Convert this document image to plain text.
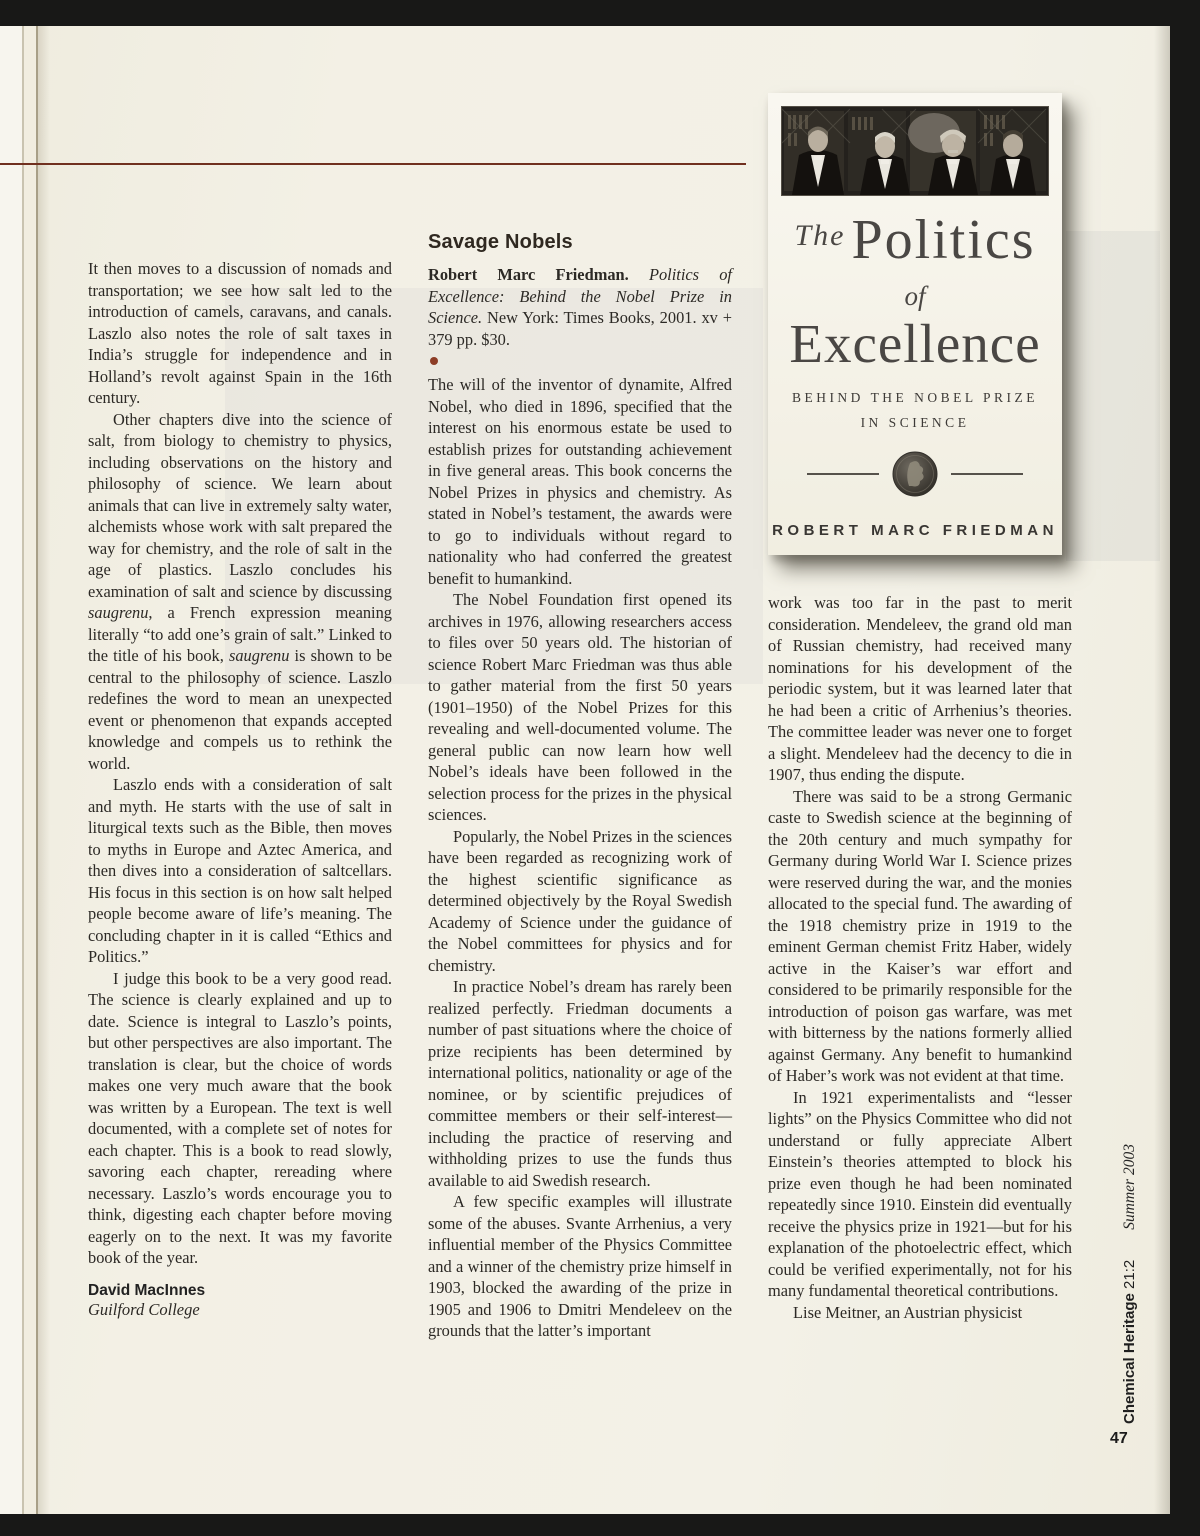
It then moves to a discussion of nomads and transportation; we see how salt led to the introduction of camels, caravans, and canals. Laszlo also notes the role of salt taxes in India’s struggle for independence and in Holland’s revolt against Spain in the 16th century.

Other chapters dive into the science of salt, from biology to chemistry to physics, including observations on the history and philosophy of science. We learn about animals that can live in extremely salty water, alchemists whose work with salt prepared the way for chemistry, and the role of salt in the age of plastics. Laszlo concludes his examination of salt and science by discussing saugrenu, a French expression meaning literally “to add one’s grain of salt.” Linked to the title of his book, saugrenu is shown to be central to the philosophy of science. Laszlo redefines the word to mean an unexpected event or phenomenon that expands accepted knowledge and compels us to rethink the world.

Laszlo ends with a consideration of salt and myth. He starts with the use of salt in liturgical texts such as the Bible, then moves to myths in Europe and Aztec America, and then dives into a consideration of saltcellars. His focus in this section is on how salt helped people become aware of life’s meaning. The concluding chapter in it is called “Ethics and Politics.”

I judge this book to be a very good read. The science is clearly explained and up to date. Science is integral to Laszlo’s points, but other perspectives are also important. The translation is clear, but the choice of words makes one very much aware that the book was written by a European. The text is well documented, with a complete set of notes for each chapter. This is a book to read slowly, savoring each chapter, rereading where necessary. Laszlo’s words encourage you to think, digesting each chapter before moving eagerly on to the next. It was my favorite book of the year.

David MacInnes
Guilford College
Savage Nobels

Robert Marc Friedman. Politics of Excellence: Behind the Nobel Prize in Science. New York: Times Books, 2001. xv + 379 pp. $30.

The will of the inventor of dynamite, Alfred Nobel, who died in 1896, specified that the interest on his enormous estate be used to establish prizes for outstanding achievement in five general areas. This book concerns the Nobel Prizes in physics and chemistry. As stated in Nobel’s testament, the awards were to go to individuals without regard to nationality who had conferred the greatest benefit to humankind.

The Nobel Foundation first opened its archives in 1976, allowing researchers access to files over 50 years old. The historian of science Robert Marc Friedman was thus able to gather material from the first 50 years (1901–1950) of the Nobel Prizes for this revealing and well-documented volume. The general public can now learn how well Nobel’s ideals have been followed in the selection process for the prizes in the physical sciences.

Popularly, the Nobel Prizes in the sciences have been regarded as recognizing work of the highest scientific significance as determined objectively by the Royal Swedish Academy of Science under the guidance of the Nobel committees for physics and for chemistry.

In practice Nobel’s dream has rarely been realized perfectly. Friedman documents a number of past situations where the choice of prize recipients has been determined by international politics, nationality or age of the nominee, or by scientific prejudices of committee members or their self-interest—including the practice of reserving and withholding prizes to use the funds thus available to aid Swedish research.

A few specific examples will illustrate some of the abuses. Svante Arrhenius, a very influential member of the Physics Committee and a winner of the chemistry prize himself in 1903, blocked the awarding of the prize in 1905 and 1906 to Dmitri Mendeleev on the grounds that the latter’s important

The Politics
of
Excellence
BEHIND THE NOBEL PRIZE
IN SCIENCE
ROBERT MARC FRIEDMAN

work was too far in the past to merit consideration. Mendeleev, the grand old man of Russian chemistry, had received many nominations for his development of the periodic system, but it was learned later that he had been a critic of Arrhenius’s theories. The committee leader was never one to forget a slight. Mendeleev had the decency to die in 1907, thus ending the dispute.

There was said to be a strong Germanic caste to Swedish science at the beginning of the 20th century and much sympathy for Germany during World War I. Science prizes were reserved during the war, and the monies allocated to the special fund. The awarding of the 1918 chemistry prize in 1919 to the eminent German chemist Fritz Haber, widely active in the Kaiser’s war effort and considered to be primarily responsible for the introduction of poison gas warfare, was met with bitterness by the nations formerly allied against Germany. Any benefit to humankind of Haber’s work was not evident at that time.

In 1921 experimentalists and “lesser lights” on the Physics Committee who did not understand or fully appreciate Albert Einstein’s theories attempted to block his prize even though he had been nominated repeatedly since 1910. Einstein did eventually receive the physics prize in 1921—but for his explanation of the photoelectric effect, which could be verified experimentally, not for his many fundamental theoretical contributions.

Lise Meitner, an Austrian physicist	Chemical Heritage 21:2Summer 2003
47
